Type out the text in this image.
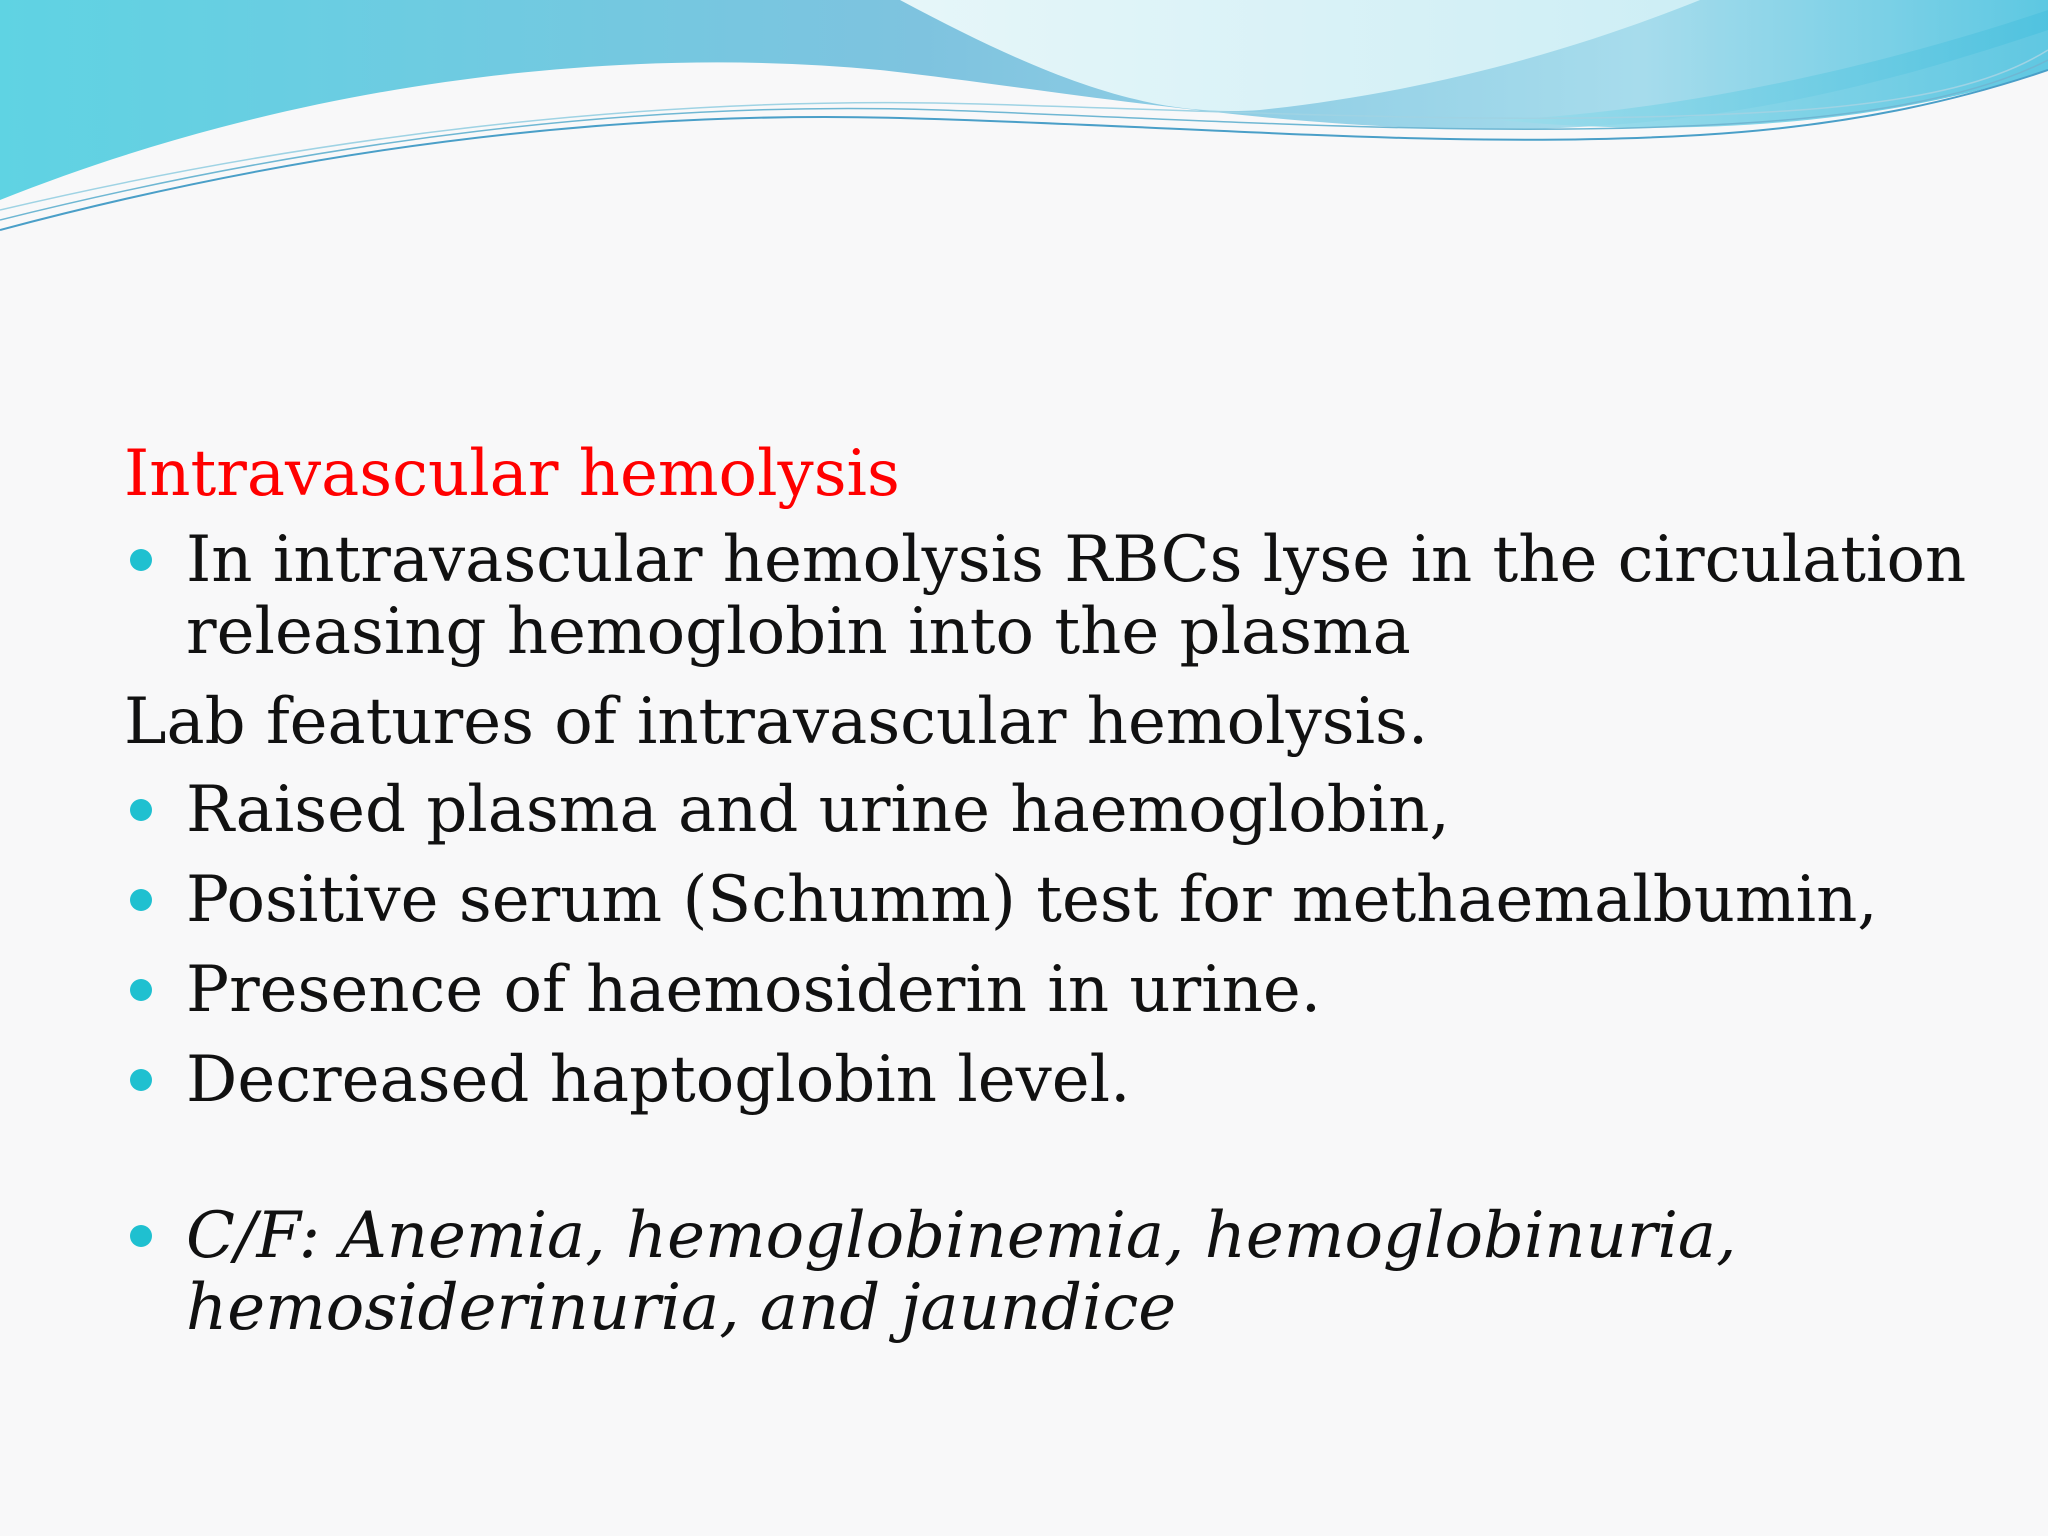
Intravascular hemolysis
In intravascular hemolysis RBCs lyse in the circulation releasing hemoglobin into the plasma
Lab features of intravascular hemolysis.
Raised plasma and urine haemoglobin,
Positive serum (Schumm) test for methaemalbumin,
Presence of haemosiderin in urine.
Decreased haptoglobin level.
C/F: Anemia, hemoglobinemia, hemoglobinuria, hemosiderinuria, and jaundice
